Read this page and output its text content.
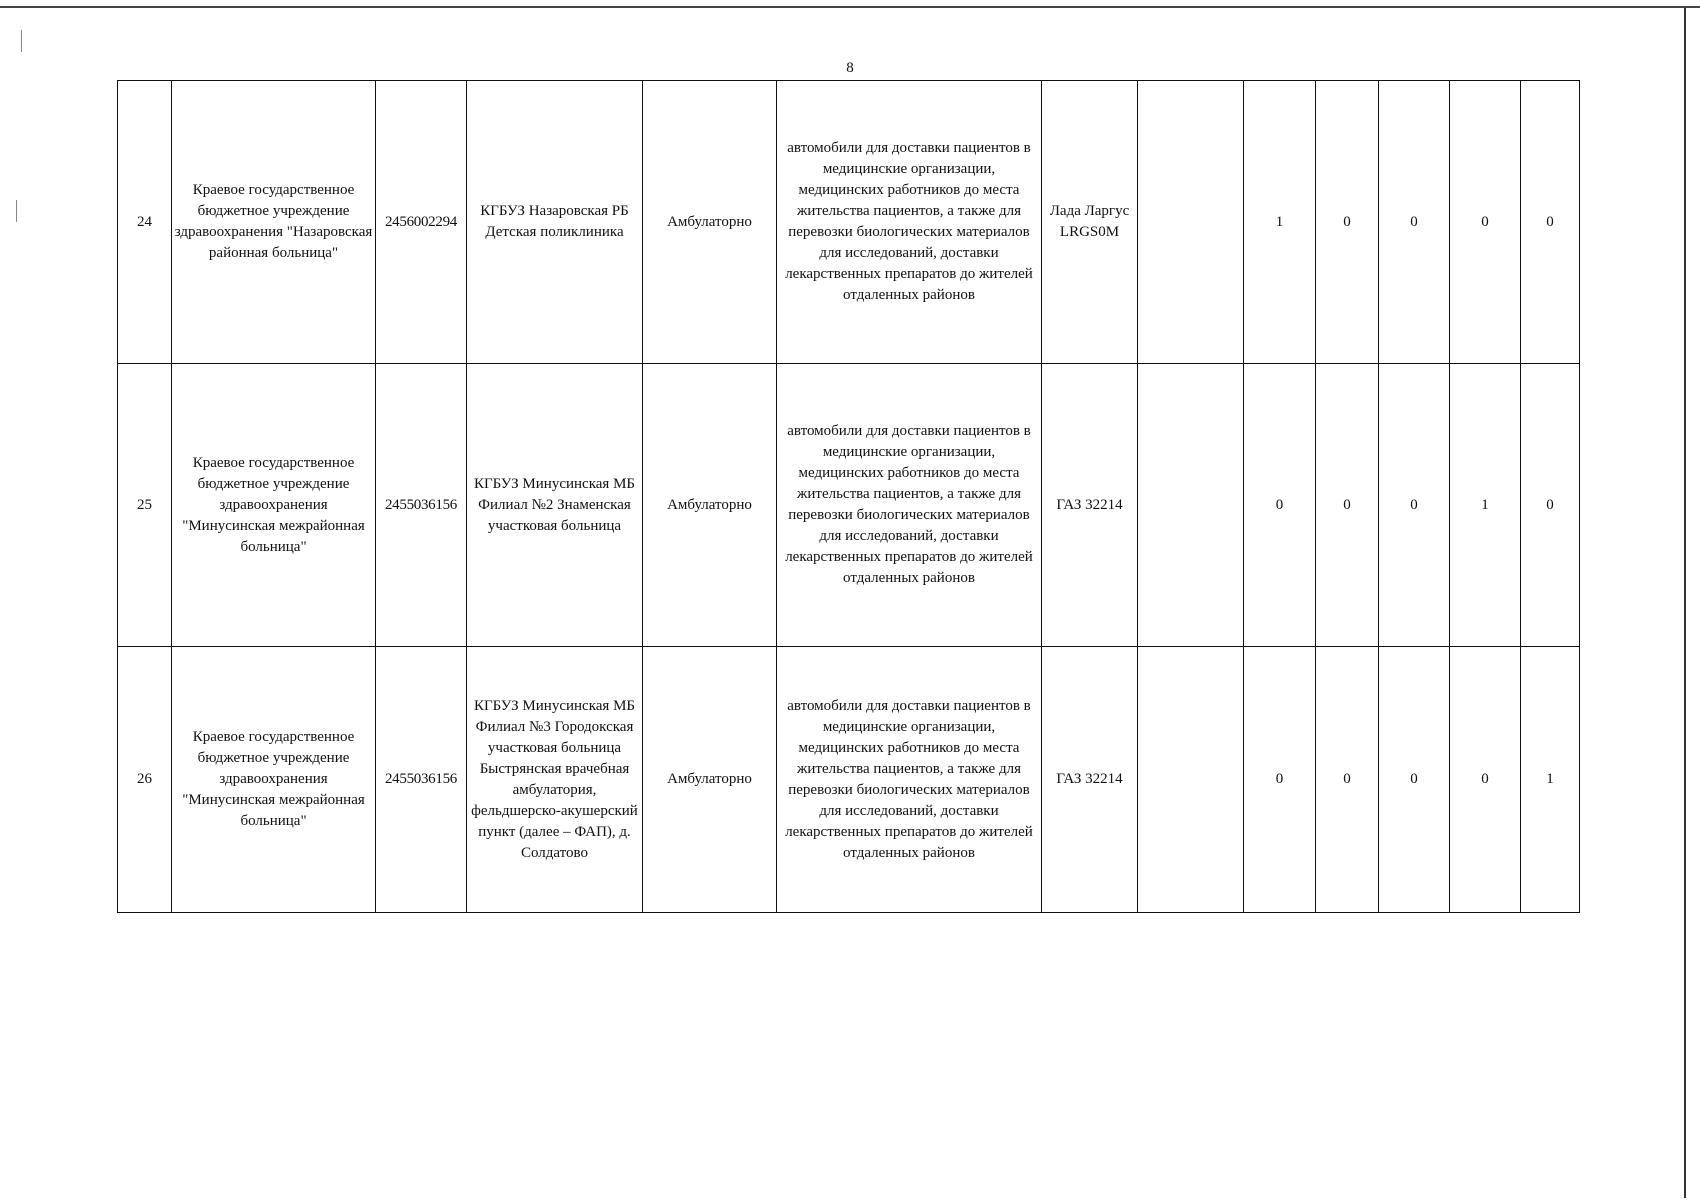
8
24	Краевое государственное бюджетное учреждение здравоохранения "Назаровская районная больница"	2456002294	КГБУЗ Назаровская РБ Детская поликлиника	Амбулаторно	автомобили для доставки пациентов в медицинские организации, медицинских работников до места жительства пациентов, а также для перевозки биологических материалов для исследований, доставки лекарственных препаратов до жителей отдаленных районов	Лада Ларгус LRGS0M		1	0	0	0	0
25	Краевое государственное бюджетное учреждение здравоохранения "Минусинская межрайонная больница"	2455036156	КГБУЗ Минусинская МБ Филиал №2 Знаменская участковая больница	Амбулаторно	автомобили для доставки пациентов в медицинские организации, медицинских работников до места жительства пациентов, а также для перевозки биологических материалов для исследований, доставки лекарственных препаратов до жителей отдаленных районов	ГАЗ 32214		0	0	0	1	0
26	Краевое государственное бюджетное учреждение здравоохранения "Минусинская межрайонная больница"	2455036156	КГБУЗ Минусинская МБ Филиал №3 Городокская участковая больница Быстрянская врачебная амбулатория, фельдшерско-акушерский пункт (далее – ФАП), д. Солдатово	Амбулаторно	автомобили для доставки пациентов в медицинские организации, медицинских работников до места жительства пациентов, а также для перевозки биологических материалов для исследований, доставки лекарственных препаратов до жителей отдаленных районов	ГАЗ 32214		0	0	0	0	1
